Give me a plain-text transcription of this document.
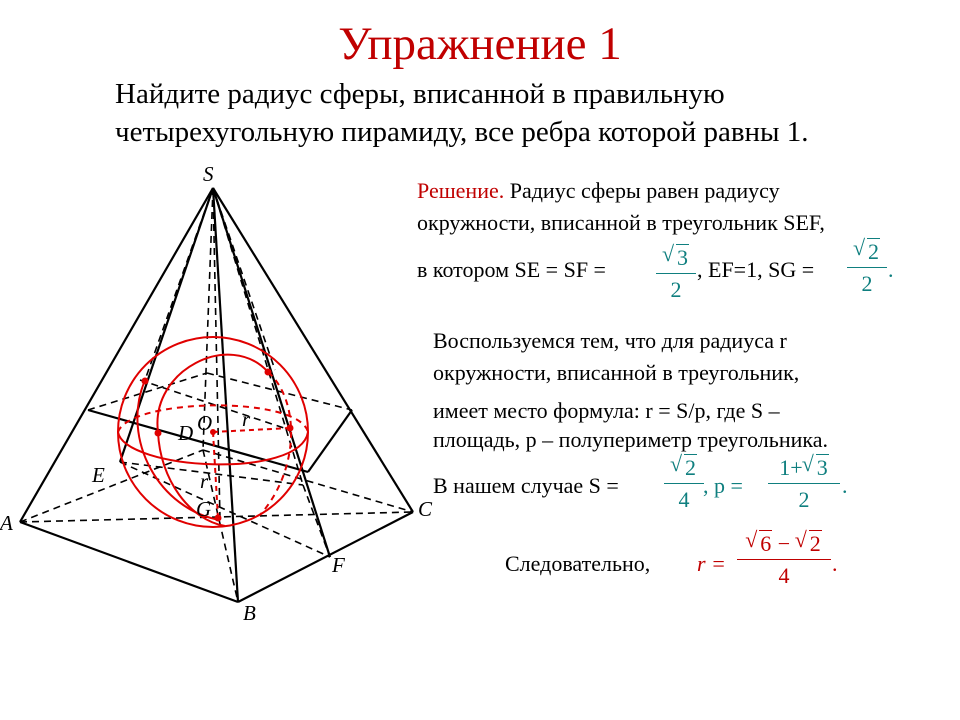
Упражнение 1
Найдите радиус сферы, вписанной в правильную
четырехугольную пирамиду, все ребра которой равны 1.
Решение. Радиус сферы равен радиусу
окружности, вписанной в треугольник SEF,
в котором SE = SF =	√ 3
2
, EF=1, SG =
√ 2
2
.
Воспользуемся тем, что для радиуса r
окружности, вписанной в треугольник,
имеет место формула: r = S/p, где S –
площадь, p – полупериметр треугольника.
В нашем случае S =
√ 2
4
, p =
1+ √ 3
2
.
Следовательно, r =
√ 6 − √ 2
4	.
S
A
B
C
D
E
F
G
O r
r
